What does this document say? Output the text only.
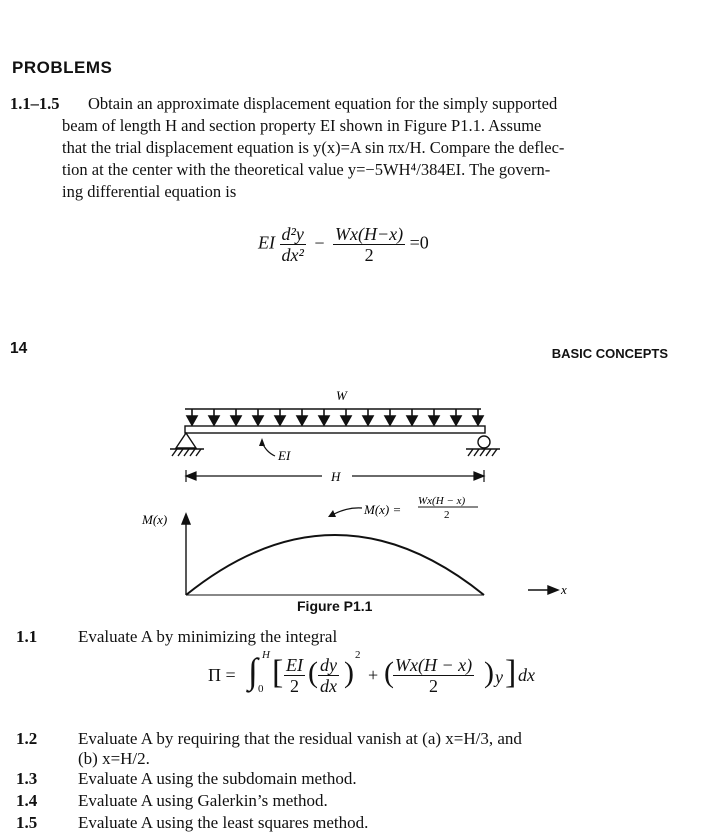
PROBLEMS
1.1–1.5 Obtain an approximate displacement equation for the simply supported
beam of length H and section property EI shown in Figure P1.1. Assume
that the trial displacement equation is y(x)=A sin πx/H. Compare the deflec-
tion at the center with the theoretical value y=−5WH⁴/384EI. The govern-
ing differential equation is
EI $\frac{\text{d²y}}{\text{dx²}} - \frac{Wx(H-x)}{2} =0$
14	BASIC CONCEPTS
W
EI
H
M(x)
M(x) =
Wx(H − x)
2
x
Figure P1.1
1.1 Evaluate A by minimizing the integral
Π = ∫ H
0 [ $\frac{EI}{2}$ ( $\frac{dy}{dx}$ )
2
+ ( $\frac{Wx(H - x)}{2}$ ) y ] dx
1.2 Evaluate A by requiring that the residual vanish at (a) x=H/3, and
(b) x=H/2.
1.3 Evaluate A using the subdomain method.
1.4 Evaluate A using Galerkin’s method.
1.5 Evaluate A using the least squares method.
